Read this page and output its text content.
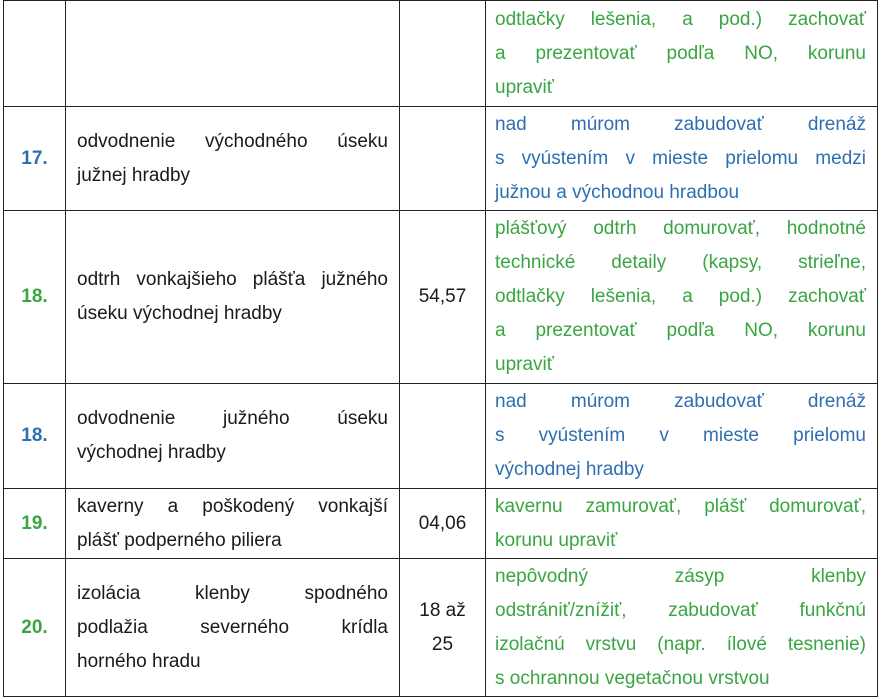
			odtlačky lešenia, a pod.) zachovať
a prezentovať podľa NO, korunu
upraviť

17.	odvodnenie východného úseku
južnej hradby		nad múrom zabudovať drenáž
s vyústením v mieste prielomu medzi
južnou a východnou hradbou

18.	odtrh vonkajšieho plášťa južného
úseku východnej hradby	54,57	plášťový odtrh domurovať, hodnotné
technické detaily (kapsy, strieľne,
odtlačky lešenia, a pod.) zachovať
a prezentovať podľa NO, korunu
upraviť

18.	odvodnenie južného úseku
východnej hradby		nad múrom zabudovať drenáž
s vyústením v mieste prielomu
východnej hradby

19.	kaverny a poškodený vonkajší
plášť podperného piliera	04,06	kavernu zamurovať, plášť domurovať,
korunu upraviť

20.	izolácia klenby spodného
podlažia severného krídla
horného hradu	18 až
25	nepôvodný zásyp klenby
odstrániť/znížiť, zabudovať funkčnú
izolačnú vrstvu (napr. ílové tesnenie)
s ochrannou vegetačnou vrstvou
